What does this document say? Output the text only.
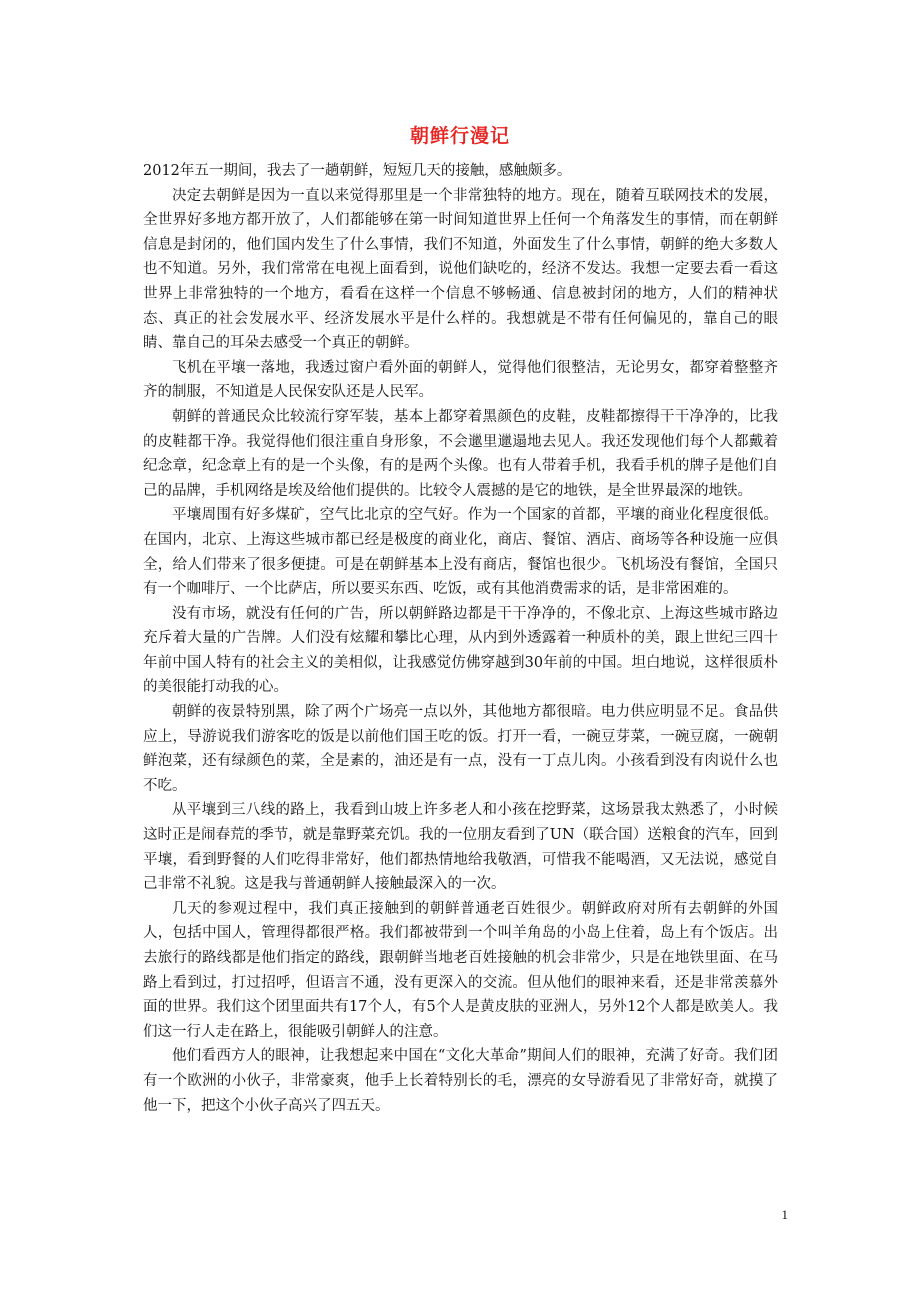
朝鲜行漫记

2012年五一期间，我去了一趟朝鲜，短短几天的接触，感触颇多。

决定去朝鲜是因为一直以来觉得那里是一个非常独特的地方。现在，随着互联网技术的发展，全世界好多地方都开放了，人们都能够在第一时间知道世界上任何一个角落发生的事情，而在朝鲜信息是封闭的，他们国内发生了什么事情，我们不知道，外面发生了什么事情，朝鲜的绝大多数人也不知道。另外，我们常常在电视上面看到，说他们缺吃的，经济不发达。我想一定要去看一看这世界上非常独特的一个地方，看看在这样一个信息不够畅通、信息被封闭的地方，人们的精神状态、真正的社会发展水平、经济发展水平是什么样的。我想就是不带有任何偏见的，靠自己的眼睛、靠自己的耳朵去感受一个真正的朝鲜。

飞机在平壤一落地，我透过窗户看外面的朝鲜人，觉得他们很整洁，无论男女，都穿着整整齐齐的制服，不知道是人民保安队还是人民军。

朝鲜的普通民众比较流行穿军装，基本上都穿着黑颜色的皮鞋，皮鞋都擦得干干净净的，比我的皮鞋都干净。我觉得他们很注重自身形象，不会邋里邋遢地去见人。我还发现他们每个人都戴着纪念章，纪念章上有的是一个头像，有的是两个头像。也有人带着手机，我看手机的牌子是他们自己的品牌，手机网络是埃及给他们提供的。比较令人震撼的是它的地铁，是全世界最深的地铁。

平壤周围有好多煤矿，空气比北京的空气好。作为一个国家的首都，平壤的商业化程度很低。在国内，北京、上海这些城市都已经是极度的商业化，商店、餐馆、酒店、商场等各种设施一应俱全，给人们带来了很多便捷。可是在朝鲜基本上没有商店，餐馆也很少。飞机场没有餐馆，全国只有一个咖啡厅、一个比萨店，所以要买东西、吃饭，或有其他消费需求的话，是非常困难的。

没有市场，就没有任何的广告，所以朝鲜路边都是干干净净的，不像北京、上海这些城市路边充斥着大量的广告牌。人们没有炫耀和攀比心理，从内到外透露着一种质朴的美，跟上世纪三四十年前中国人特有的社会主义的美相似，让我感觉仿佛穿越到30年前的中国。坦白地说，这样很质朴的美很能打动我的心。

朝鲜的夜景特别黑，除了两个广场亮一点以外，其他地方都很暗。电力供应明显不足。食品供应上，导游说我们游客吃的饭是以前他们国王吃的饭。打开一看，一碗豆芽菜，一碗豆腐，一碗朝鲜泡菜，还有绿颜色的菜，全是素的，油还是有一点，没有一丁点儿肉。小孩看到没有肉说什么也不吃。

从平壤到三八线的路上，我看到山坡上许多老人和小孩在挖野菜，这场景我太熟悉了，小时候这时正是闹春荒的季节，就是靠野菜充饥。我的一位朋友看到了UN（联合国）送粮食的汽车，回到平壤，看到野餐的人们吃得非常好，他们都热情地给我敬酒，可惜我不能喝酒，又无法说，感觉自己非常不礼貌。这是我与普通朝鲜人接触最深入的一次。

几天的参观过程中，我们真正接触到的朝鲜普通老百姓很少。朝鲜政府对所有去朝鲜的外国人，包括中国人，管理得都很严格。我们都被带到一个叫羊角岛的小岛上住着，岛上有个饭店。出去旅行的路线都是他们指定的路线，跟朝鲜当地老百姓接触的机会非常少，只是在地铁里面、在马路上看到过，打过招呼，但语言不通，没有更深入的交流。但从他们的眼神来看，还是非常羡慕外面的世界。我们这个团里面共有17个人，有5个人是黄皮肤的亚洲人，另外12个人都是欧美人。我们这一行人走在路上，很能吸引朝鲜人的注意。

他们看西方人的眼神，让我想起来中国在“文化大革命”期间人们的眼神，充满了好奇。我们团有一个欧洲的小伙子，非常豪爽，他手上长着特别长的毛，漂亮的女导游看见了非常好奇，就摸了他一下，把这个小伙子高兴了四五天。

1
